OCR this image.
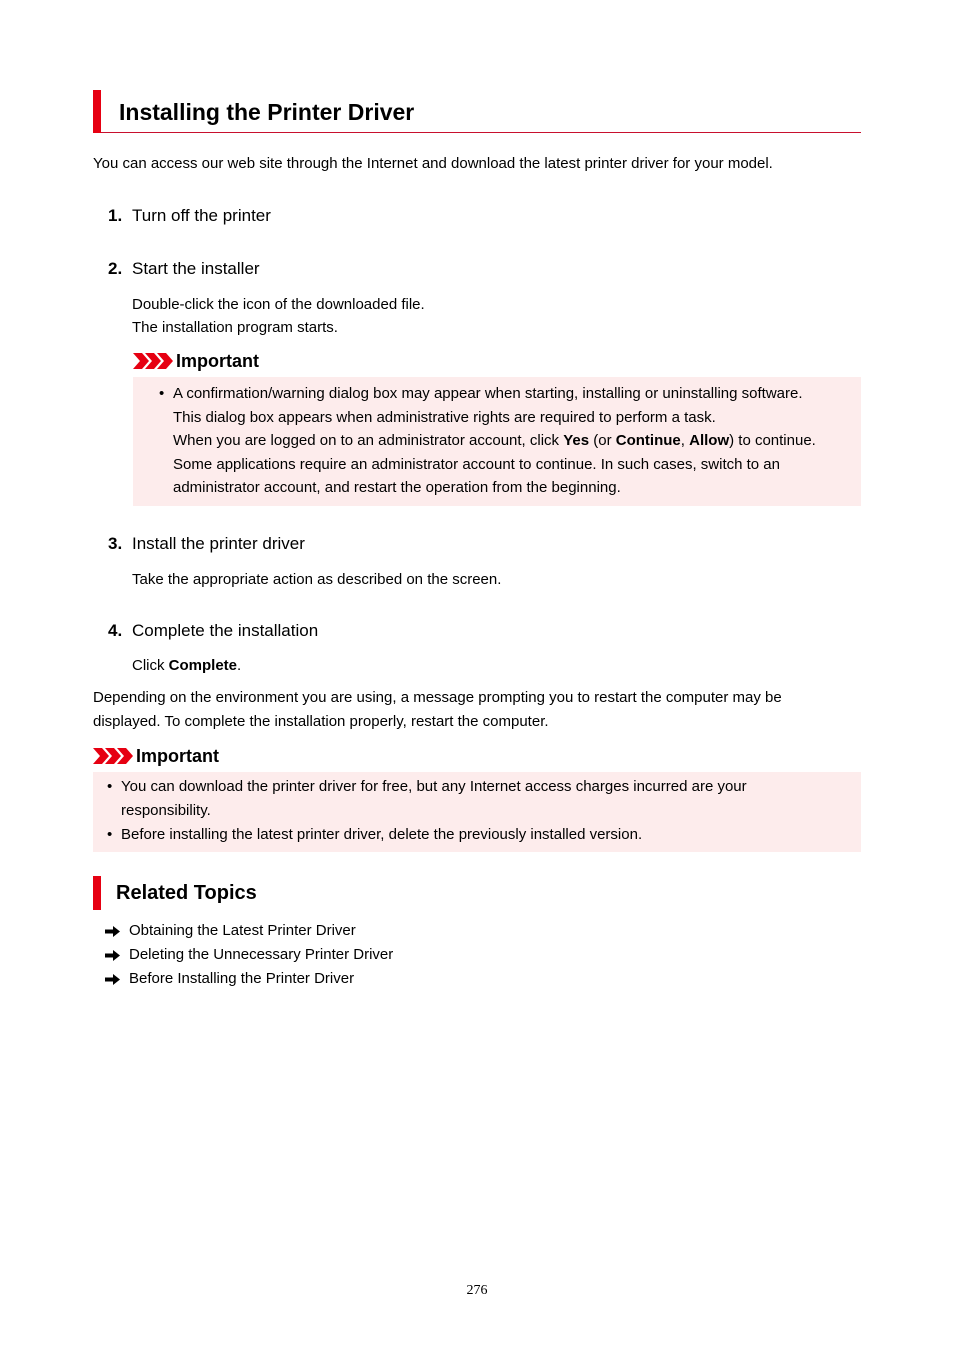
Installing the Printer Driver
You can access our web site through the Internet and download the latest printer driver for your model.
1. Turn off the printer
2. Start the installer
Double-click the icon of the downloaded file.
The installation program starts.
Important
• A confirmation/warning dialog box may appear when starting, installing or uninstalling software.
This dialog box appears when administrative rights are required to perform a task.
When you are logged on to an administrator account, click Yes (or Continue, Allow) to continue.
Some applications require an administrator account to continue. In such cases, switch to an
administrator account, and restart the operation from the beginning.
3. Install the printer driver
Take the appropriate action as described on the screen.
4. Complete the installation
Click Complete.
Depending on the environment you are using, a message prompting you to restart the computer may be
displayed. To complete the installation properly, restart the computer.
Important
• You can download the printer driver for free, but any Internet access charges incurred are your
responsibility.
• Before installing the latest printer driver, delete the previously installed version.
Related Topics
Obtaining the Latest Printer Driver
Deleting the Unnecessary Printer Driver
Before Installing the Printer Driver
276
